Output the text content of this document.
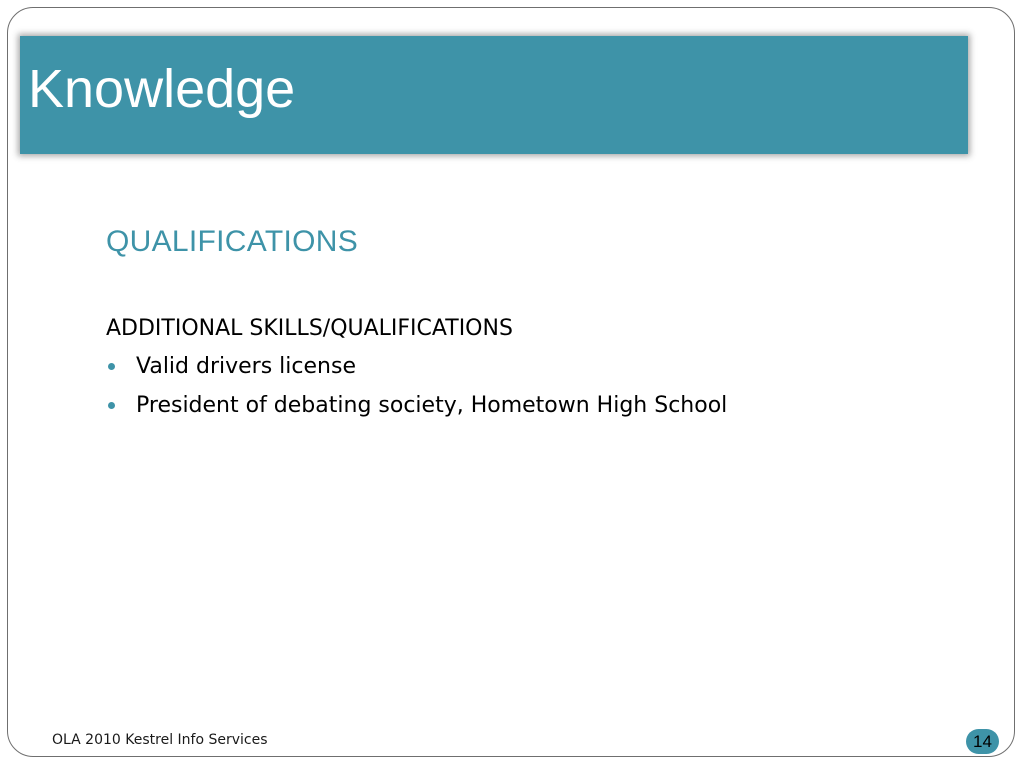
Knowledge
QUALIFICATIONS
ADDITIONAL SKILLS/QUALIFICATIONS
Valid drivers license
President of debating society, Hometown High School
OLA 2010 Kestrel Info Services	14
